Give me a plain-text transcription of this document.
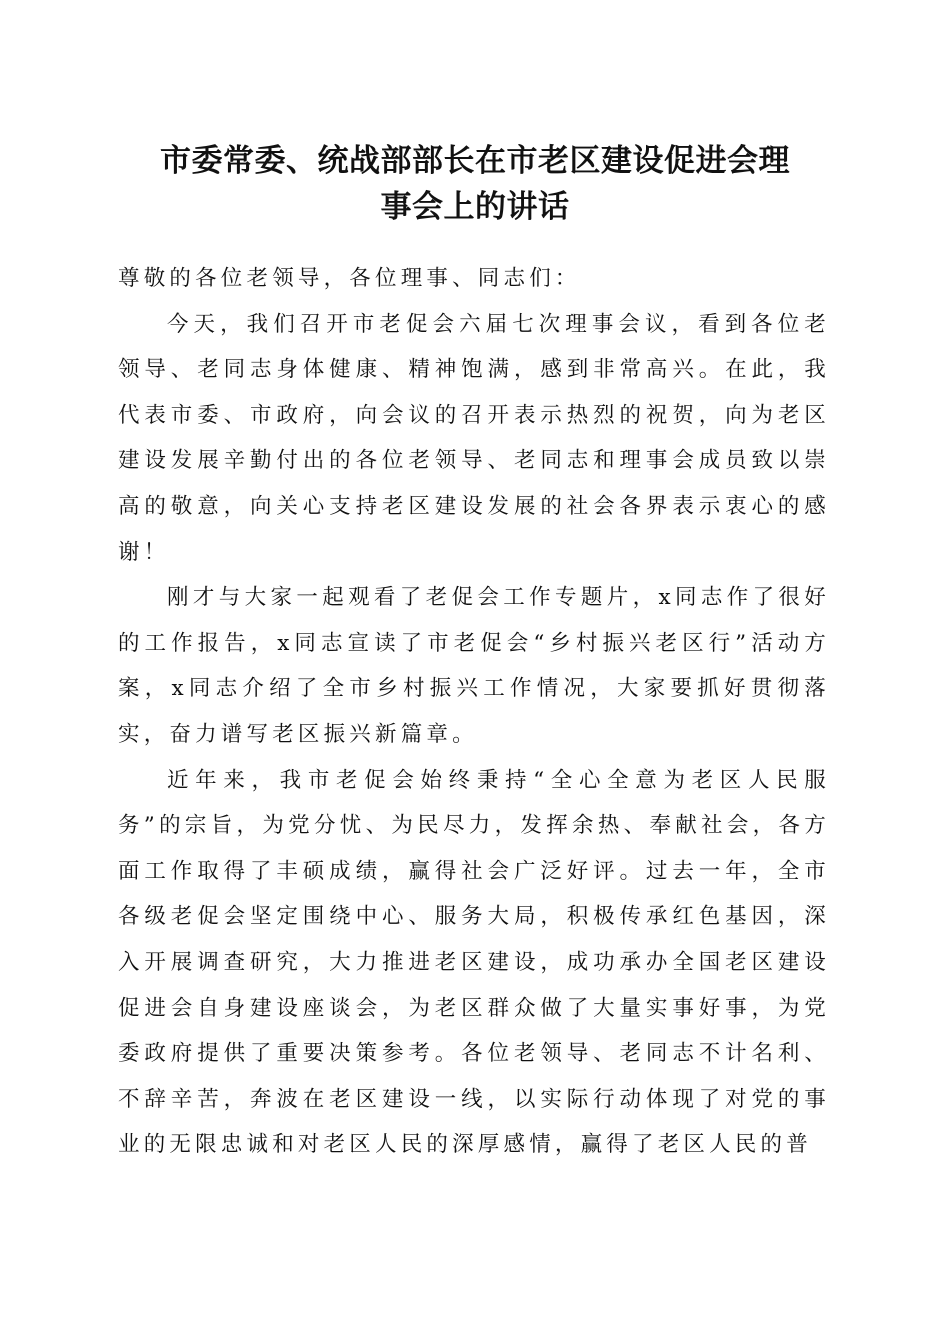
市委常委、统战部部长在市老区建设促进会理
事会上的讲话

尊敬的各位老领导，各位理事、同志们：

今天，我们召开市老促会六届七次理事会议，看到各位老领导、老同志身体健康、精神饱满，感到非常高兴。在此，我代表市委、市政府，向会议的召开表示热烈的祝贺，向为老区建设发展辛勤付出的各位老领导、老同志和理事会成员致以崇高的敬意，向关心支持老区建设发展的社会各界表示衷心的感谢！

刚才与大家一起观看了老促会工作专题片，x同志作了很好的工作报告，x同志宣读了市老促会“乡村振兴老区行”活动方案，x同志介绍了全市乡村振兴工作情况，大家要抓好贯彻落实，奋力谱写老区振兴新篇章。

近年来，我市老促会始终秉持“全心全意为老区人民服务”的宗旨，为党分忧、为民尽力，发挥余热、奉献社会，各方面工作取得了丰硕成绩，赢得社会广泛好评。过去一年，全市各级老促会坚定围绕中心、服务大局，积极传承红色基因，深入开展调查研究，大力推进老区建设，成功承办全国老区建设促进会自身建设座谈会，为老区群众做了大量实事好事，为党委政府提供了重要决策参考。各位老领导、老同志不计名利、不辞辛苦，奔波在老区建设一线，以实际行动体现了对党的事业的无限忠诚和对老区人民的深厚感情，赢得了老区人民的普
